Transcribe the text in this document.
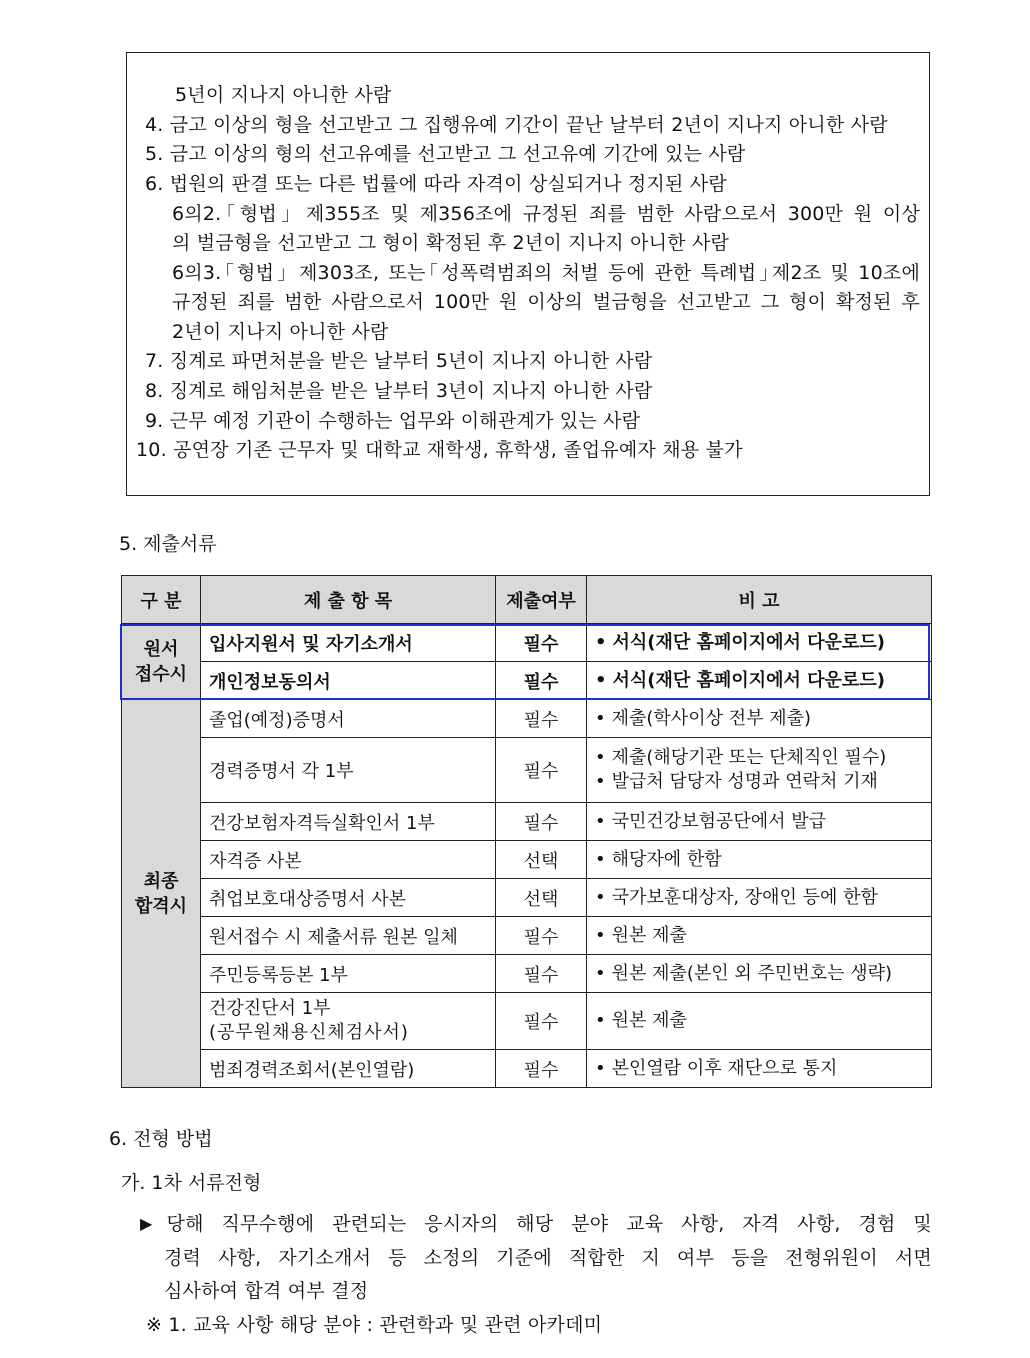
5년이 지나지 아니한 사람
4. 금고 이상의 형을 선고받고 그 집행유예 기간이 끝난 날부터 2년이 지나지 아니한 사람
5. 금고 이상의 형의 선고유예를 선고받고 그 선고유예 기간에 있는 사람
6. 법원의 판결 또는 다른 법률에 따라 자격이 상실되거나 정지된 사람
6의2.｢형법｣ 제355조 및 제356조에 규정된 죄를 범한 사람으로서 300만 원 이상
의 벌금형을 선고받고 그 형이 확정된 후 2년이 지나지 아니한 사람
6의3.｢형법｣ 제303조, 또는｢성폭력범죄의 처벌 등에 관한 특례법｣제2조 및 10조에
규정된 죄를 범한 사람으로서 100만 원 이상의 벌금형을 선고받고 그 형이 확정된 후
2년이 지나지 아니한 사람
7. 징계로 파면처분을 받은 날부터 5년이 지나지 아니한 사람
8. 징계로 해임처분을 받은 날부터 3년이 지나지 아니한 사람
9. 근무 예정 기관이 수행하는 업무와 이해관계가 있는 사람
10. 공연장 기존 근무자 및 대학교 재학생, 휴학생, 졸업유예자 채용 불가
5. 제출서류
구 분	제 출 항 목	제출여부	비 고

원서
접수시	입사지원서 및 자기소개서	필수	• 서식(재단 홈페이지에서 다운로드)

	개인정보동의서	필수	• 서식(재단 홈페이지에서 다운로드)

최종
합격시	졸업(예정)증명서	필수	• 제출(학사이상 전부 제출)

	경력증명서 각 1부	필수	• 제출(해당기관 또는 단체직인 필수)
• 발급처 담당자 성명과 연락처 기재

	건강보험자격득실확인서 1부	필수	• 국민건강보험공단에서 발급

	자격증 사본	선택	• 해당자에 한함

	취업보호대상증명서 사본	선택	• 국가보훈대상자, 장애인 등에 한함

	원서접수 시 제출서류 원본 일체	필수	• 원본 제출

	주민등록등본 1부	필수	• 원본 제출(본인 외 주민번호는 생략)

	건강진단서 1부
(공무원채용신체검사서)	필수	• 원본 제출

	범죄경력조회서(본인열람)	필수	• 본인열람 이후 재단으로 통지
6. 전형 방법
가. 1차 서류전형
▶ 당해 직무수행에 관련되는 응시자의 해당 분야 교육 사항, 자격 사항, 경험 및
경력 사항, 자기소개서 등 소정의 기준에 적합한 지 여부 등을 전형위원이 서면
심사하여 합격 여부 결정
※ 1. 교육 사항 해당 분야 : 관련학과 및 관련 아카데미
